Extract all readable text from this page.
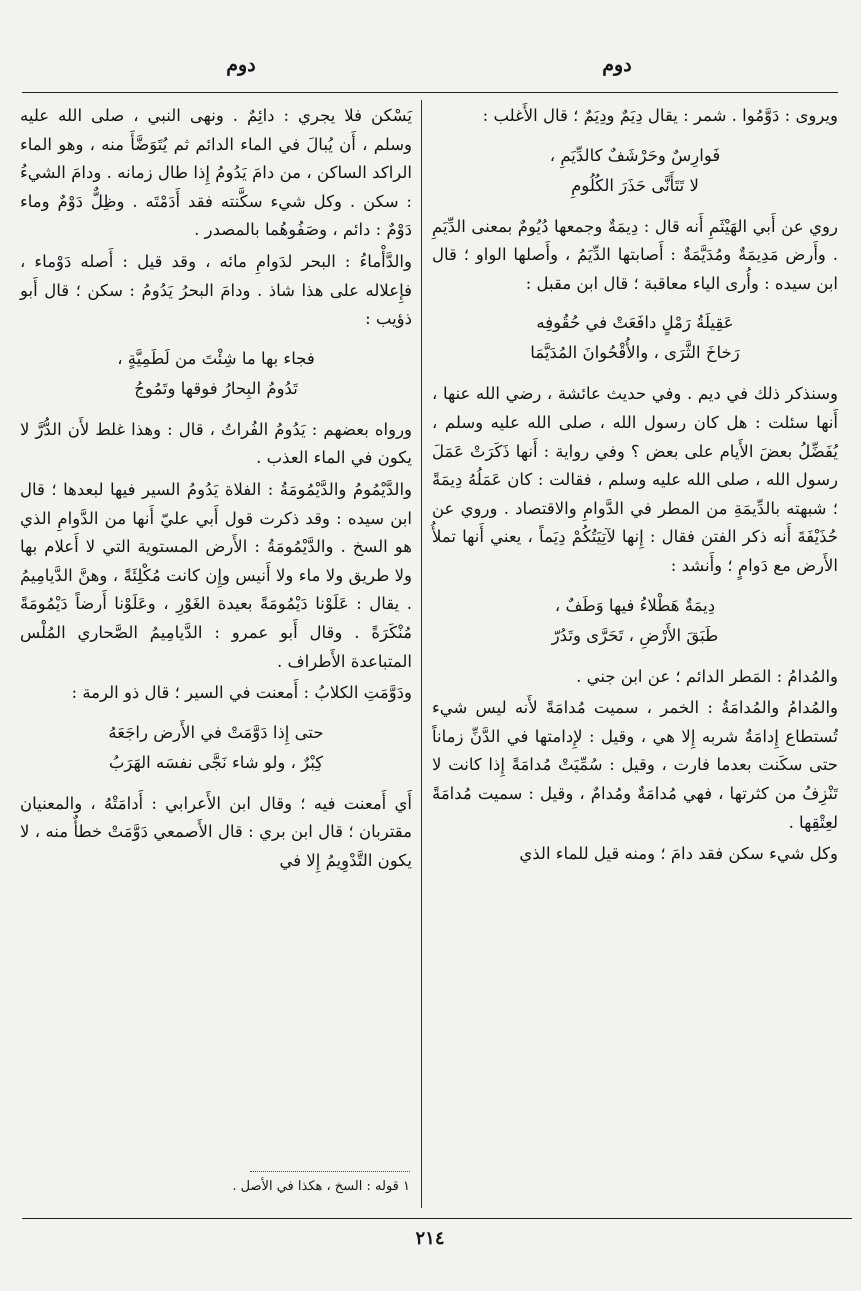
دوم
دوم

ويروى : دَوَّمُوا . شمر : يقال دِيَمٌ ودِيَمٌ ؛ قال الأَغلب :

فَوارِسٌ وحَرْشَفٌ كالدِّيَمِ ،
لا تَتَأَنَّى حَذَرَ الكُلُومِ

روي عن أَبي الهَيْثَمِ أَنه قال : دِيمَةٌ وجمعها دُيُومٌ بمعنى الدِّيَمِ . وأَرض مَدِيمَةٌ ومُدَيَّمَةٌ : أَصابتها الدِّيَمُ ، وأَصلها الواو ؛ قال ابن سيده : وأُرى الياء معاقبة ؛ قال ابن مقبل :

عَقِيلَةُ رَمْلٍ دافَعَتْ في حُقُوفِه
رَخاخَ الثَّرَى ، والأُقْحُوانَ المُدَيَّمَا

وسنذكر ذلك في ديم . وفي حديث عائشة ، رضي الله عنها ، أَنها سئلت : هل كان رسول الله ، صلى الله عليه وسلم ، يُفَضِّلُ بعضَ الأَيام على بعض ؟ وفي رواية : أَنها ذَكَرَتْ عَمَلَ رسول الله ، صلى الله عليه وسلم ، فقالت : كان عَمَلُهُ دِيمَةً ؛ شبهته بالدِّيمَةِ من المطر في الدَّوامِ والاقتصاد . وروي عن حُذَيْفَةَ أَنه ذكر الفتن فقال : إِنها لآتِيَتُكُمْ دِيَماً ، يعني أَنها تملأُ الأَرض مع دَوامٍ ؛ وأَنشد :

دِيمَةٌ هَطْلاءُ فيها وَطَفٌ ،
طَبَقَ الأَرْضِ ، تَحَرَّى وتَدُرّ

والمُدامُ : المَطر الدائم ؛ عن ابن جني .

والمُدامُ والمُدامَةُ : الخمر ، سميت مُدامَةً لأَنه ليس شيء تُستطاع إِدامَةُ شربه إِلا هي ، وقيل : لإِدامتها في الدَّنِّ زماناً حتى سكَنت بعدما فارت ، وقيل : سُمِّيَتْ مُدامَةً إِذا كانت لا تَنْزِفُ من كثرتها ، فهي مُدامَةٌ ومُدامٌ ، وقيل : سميت مُدامَةً لعِتْقِها .

وكل شيء سكن فقد دامَ ؛ ومنه قيل للماء الذي

يَسْكن فلا يجري : دائِمٌ . ونهى النبي ، صلى الله عليه وسلم ، أَن يُبالَ في الماء الدائم ثم يُتَوَضَّأَ منه ، وهو الماء الراكد الساكن ، من دامَ يَدُومُ إِذا طال زمانه . ودامَ الشيءُ : سكن . وكل شيء سكَّنته فقد أَدَمْتَه . وظِلٌّ دَوْمٌ وماء دَوْمٌ : دائم ، وصَفُوهُما بالمصدر .

والدَّأْماءُ : البحر لدَوامِ مائه ، وقد قيل : أَصله دَوْماء ، فإِعلاله على هذا شاذ . ودامَ البحرُ يَدُومُ : سكن ؛ قال أَبو ذؤيب :

فجاء بها ما شِئْتَ من لَطَمِيَّةٍ ،
تَدُومُ البِحارُ فوقها وتَمُوجُ

ورواه بعضهم : يَدُومُ الفُراتُ ، قال : وهذا غلط لأَن الدُّرَّ لا يكون في الماء العذب .

والدَّيْمُومُ والدَّيْمُومَةُ : الفلاة يَدُومُ السير فيها لبعدها ؛ قال ابن سيده : وقد ذكرت قول أَبي عليّ أَنها من الدَّوامِ الذي هو السخ . والدَّيْمُومَةُ : الأَرض المستوية التي لا أَعلام بها ولا طريق ولا ماء ولا أَنيس وإِن كانت مُكْلِئَةً ، وهنَّ الدَّيامِيمُ . يقال : عَلَوْنا دَيْمُومَةً بعيدة الغَوْرِ ، وعَلَوْنا أَرضاً دَيْمُومَةً مُنْكَرَةً . وقال أَبو عمرو : الدَّيامِيمُ الصَّحاري المُلْس المتباعدة الأَطراف .

ودَوَّمَتِ الكلابُ : أَمعنت في السير ؛ قال ذو الرمة :

حتى إِذا دَوَّمَتْ في الأَرض راجَعَهُ
كِبْرٌ ، ولو شاء نَجَّى نفسَه الهَرَبُ

أَي أَمعنت فيه ؛ وقال ابن الأَعرابي : أَدامَتْهُ ، والمعنيان مقتربان ؛ قال ابن بري : قال الأَصمعي دَوَّمَتْ خطأٌ منه ، لا يكون التَّدْوِيمُ إِلا في

١ قوله : السخ ، هكذا في الأصل .
٢١٤
